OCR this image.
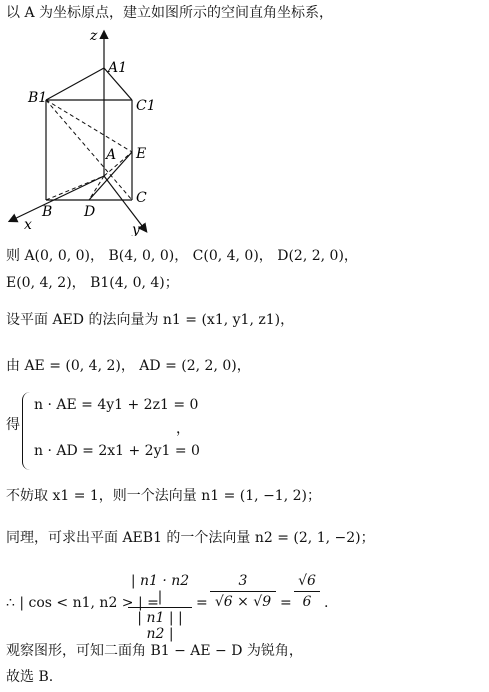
以 A 为坐标原点，建立如图所示的空间直角坐标系，
z
A1
B1	C1
A E
C
B D
x	y
则 A(0, 0, 0)， B(4, 0, 0)， C(0, 4, 0)， D(2, 2, 0)，
E(0, 4, 2)， B1(4, 0, 4)；
设平面 AED 的法向量为 n1 = (x1, y1, z1)，
由 AE = (0, 4, 2)， AD = (2, 2, 0)，
得
n · AE = 4y1 + 2z1 = 0
n · AD = 2x1 + 2y1 = 0
，
不妨取 x1 = 1，则一个法向量 n1 = (1, −1, 2)；
同理，可求出平面 AEB1 的一个法向量 n2 = (2, 1, −2)；
∴ | cos < n1, n2 > | =
| n1 · n2 |
| n1 | | n2 |
=
3
√6 × √9 =
√6
6 .
观察图形，可知二面角 B1 − AE − D 为锐角，
故选 B.
